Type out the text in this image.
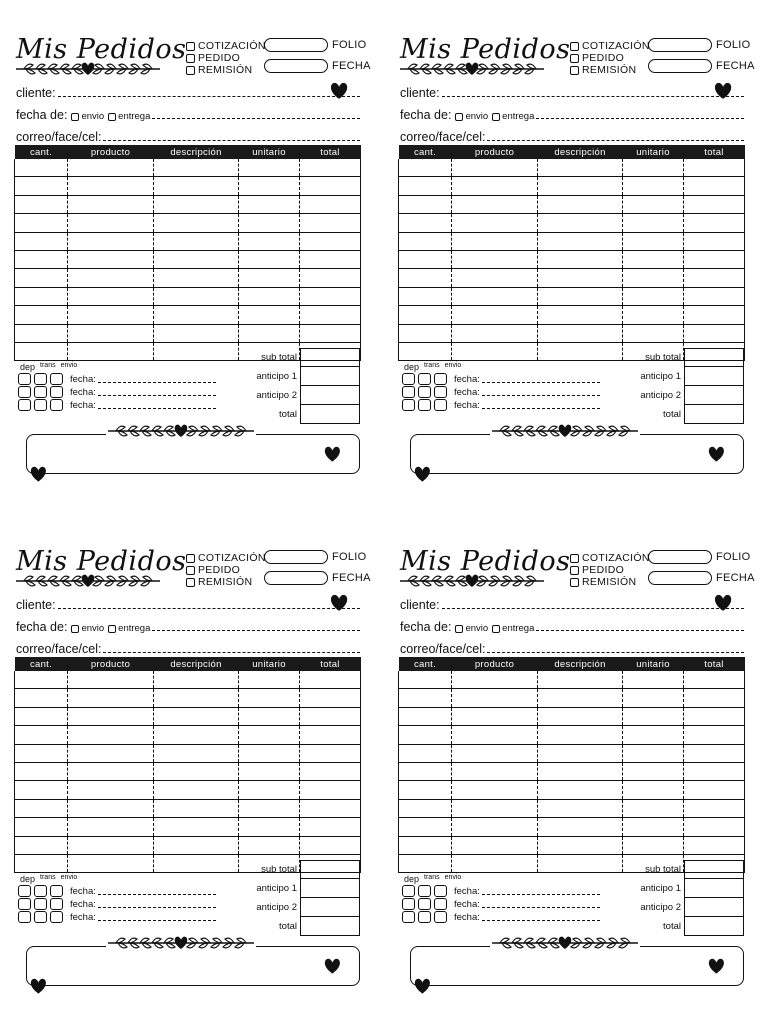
Mis Pedidos COTIZACIÓN
PEDIDO
REMISIÓN
FOLIO
FECHA
cliente:
fecha de: envio entrega
correo/face/cel:
cant.	producto	descripción	unitario	total

dep trans envio
fecha:
fecha:
fecha:
sub total
anticipo 1
anticipo 2
total
Mis Pedidos COTIZACIÓN
PEDIDO
REMISIÓN
FOLIO
FECHA
cliente:
fecha de: envio entrega
correo/face/cel:
cant.	producto	descripción	unitario	total

dep trans envio
fecha:
fecha:
fecha:
sub total
anticipo 1
anticipo 2
total
Mis Pedidos COTIZACIÓN
PEDIDO
REMISIÓN
FOLIO
FECHA
cliente:
fecha de: envio entrega
correo/face/cel:
cant.	producto	descripción	unitario	total

dep trans envio
fecha:
fecha:
fecha:
sub total
anticipo 1
anticipo 2
total
Mis Pedidos COTIZACIÓN
PEDIDO
REMISIÓN
FOLIO
FECHA
cliente:
fecha de: envio entrega
correo/face/cel:
cant.	producto	descripción	unitario	total

dep trans envio
fecha:
fecha:
fecha:
sub total
anticipo 1
anticipo 2
total
